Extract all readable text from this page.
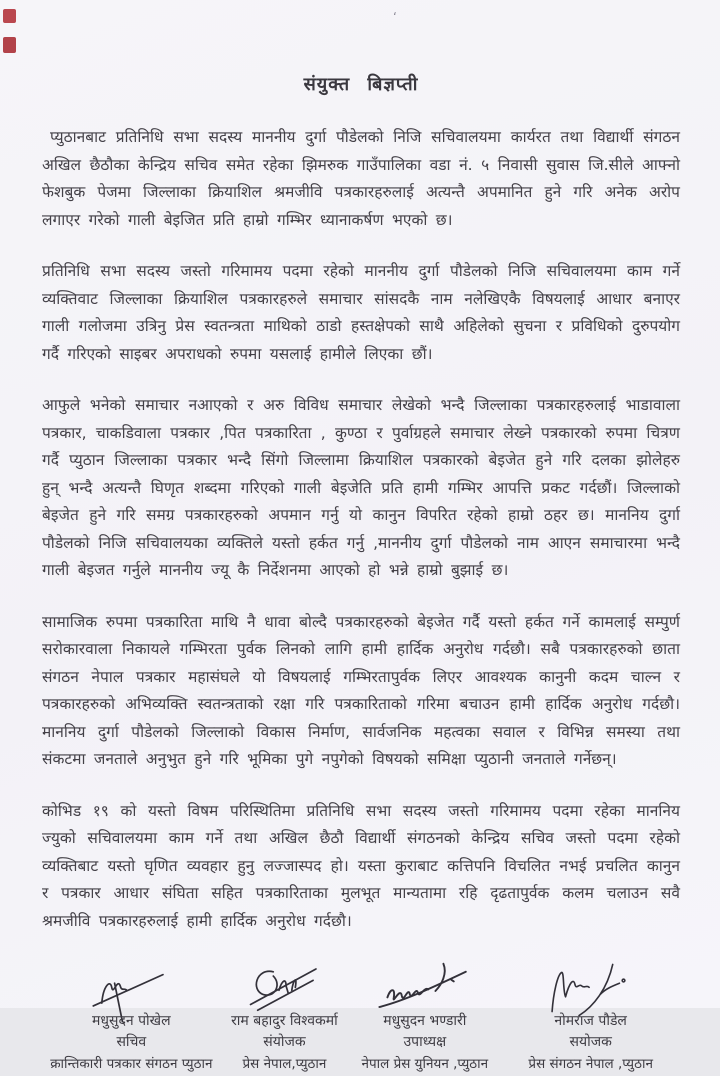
ʻ
संयुक्त बिज्ञप्ती

प्युठानबाट प्रतिनिधि सभा सदस्य माननीय दुर्गा पौडेलको निजि सचिवालयमा कार्यरत तथा विद्यार्थी संगठन अखिल छैठौका केन्द्रिय सचिव समेत रहेका झिमरुक गाउँपालिका वडा नं. ५ निवासी सुवास जि.सीले आफ्नो फेशबुक पेजमा जिल्लाका क्रियाशिल श्रमजीवि पत्रकारहरुलाई अत्यन्तै अपमानित हुने गरि अनेक अरोप लगाएर गरेको गाली बेइजित प्रति हाम्रो गम्भिर ध्यानाकर्षण भएको छ।

प्रतिनिधि सभा सदस्य जस्तो गरिमामय पदमा रहेको माननीय दुर्गा पौडेलको निजि सचिवालयमा काम गर्ने व्यक्तिवाट जिल्लाका क्रियाशिल पत्रकारहरुले समाचार सांसदकै नाम नलेखिएकै विषयलाई आधार बनाएर गाली गलोजमा उत्रिनु प्रेस स्वतन्त्रता माथिको ठाडो हस्तक्षेपको साथै अहिलेको सुचना र प्रविधिको दुरुपयोग गर्दै गरिएको साइबर अपराधको रुपमा यसलाई हामीले लिएका छौं।

आफुले भनेको समाचार नआएको र अरु विविध समाचार लेखेको भन्दै जिल्लाका पत्रकारहरुलाई भाडावाला पत्रकार, चाकडिवाला पत्रकार ,पित पत्रकारिता , कुण्ठा र पुर्वाग्रहले समाचार लेख्ने पत्रकारको रुपमा चित्रण गर्दै प्युठान जिल्लाका पत्रकार भन्दै सिंगो जिल्लामा क्रियाशिल पत्रकारको बेइजेत हुने गरि दलका झोलेहरु हुन् भन्दै अत्यन्तै घिणृत शब्दमा गरिएको गाली बेइजेति प्रति हामी गम्भिर आपत्ति प्रकट गर्दछौं। जिल्लाको बेइजेत हुने गरि समग्र पत्रकारहरुको अपमान गर्नु यो कानुन विपरित रहेको हाम्रो ठहर छ। माननिय दुर्गा पौडेलको निजि सचिवालयका व्यक्तिले यस्तो हर्कत गर्नु ,माननीय दुर्गा पौडेलको नाम आएन समाचारमा भन्दै गाली बेइजत गर्नुले माननीय ज्यू कै निर्देशनमा आएको हो भन्ने हाम्रो बुझाई छ।

सामाजिक रुपमा पत्रकारिता माथि नै धावा बोल्दै पत्रकारहरुको बेइजेत गर्दै यस्तो हर्कत गर्ने कामलाई सम्पुर्ण सरोकारवाला निकायले गम्भिरता पुर्वक लिनको लागि हामी हार्दिक अनुरोध गर्दछौ। सबै पत्रकारहरुको छाता संगठन नेपाल पत्रकार महासंघले यो विषयलाई गम्भिरतापुर्वक लिएर आवश्यक कानुनी कदम चाल्न र पत्रकारहरुको अभिव्यक्ति स्वतन्त्रताको रक्षा गरि पत्रकारिताको गरिमा बचाउन हामी हार्दिक अनुरोध गर्दछौ। माननिय दुर्गा पौडेलको जिल्लाको विकास निर्माण, सार्वजनिक महत्वका सवाल र विभिन्न समस्या तथा संकटमा जनताले अनुभुत हुने गरि भूमिका पुगे नपुगेको विषयको समिक्षा प्युठानी जनताले गर्नेछन्।

कोभिड १९ को यस्तो विषम परिस्थितिमा प्रतिनिधि सभा सदस्य जस्तो गरिमामय पदमा रहेका माननिय ज्युको सचिवालयमा काम गर्ने तथा अखिल छैठौ विद्यार्थी संगठनको केन्द्रिय सचिव जस्तो पदमा रहेको व्यक्तिबाट यस्तो घृणित व्यवहार हुनु लज्जास्पद हो। यस्ता कुराबाट कत्तिपनि विचलित नभई प्रचलित कानुन र पत्रकार आधार संघिता सहित पत्रकारिताका मुलभूत मान्यतामा रहि दृढतापुर्वक कलम चलाउन सवै श्रमजीवि पत्रकारहरुलाई हामी हार्दिक अनुरोध गर्दछौ।

मधुसुदन पोखेल
सचिव
क्रान्तिकारी पत्रकार संगठन प्युठान
राम बहादुर विश्वकर्मा
संयोजक
प्रेस नेपाल,प्युठान
मधुसुदन भण्डारी
उपाध्यक्ष
नेपाल प्रेस युनियन ,प्युठान
नोमराज पौडेल
सयोजक
प्रेस संगठन नेपाल ,प्युठान
